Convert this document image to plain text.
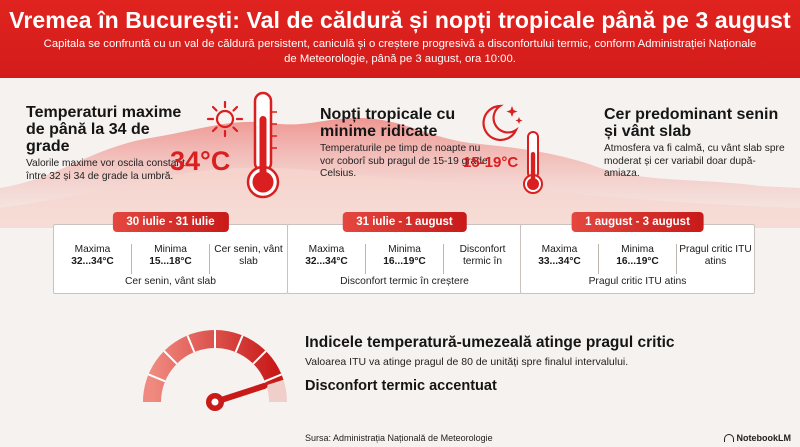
Vremea în București: Val de căldură și nopți tropicale până pe 3 august
Capitala se confruntă cu un val de căldură persistent, caniculă și o creștere progresivă a disconfortului termic, conform Administrației Naționale de Meteorologie, până pe 3 august, ora 10:00.
Temperaturi maxime de până la 34 de grade

Valorile maxime vor oscila constant între 32 și 34 de grade la umbră.

34°C
Nopți tropicale cu minime ridicate

Temperaturile pe timp de noapte nu vor coborî sub pragul de 15-19 grade Celsius.

15-19°C
Cer predominant senin și vânt slab

Atmosfera va fi calmă, cu vânt slab spre moderat și cer variabil doar după-amiaza.

30 iulie - 31 iulie
Maxima
32...34°C
Minima
15...18°C
Cer senin, vânt slab
Cer senin, vânt slab
31 iulie - 1 august
Maxima
32...34°C
Minima
16...19°C
Disconfort termic în
Disconfort termic în creștere
1 august - 3 august
Maxima
33...34°C
Minima
16...19°C
Pragul critic ITU atins
Pragul critic ITU atins
Indicele temperatură-umezeală atinge pragul critic
Valoarea ITU va atinge pragul de 80 de unități spre finalul intervalului.
Disconfort termic accentuat
Sursa: Administrația Națională de Meteorologie	NotebookLM
